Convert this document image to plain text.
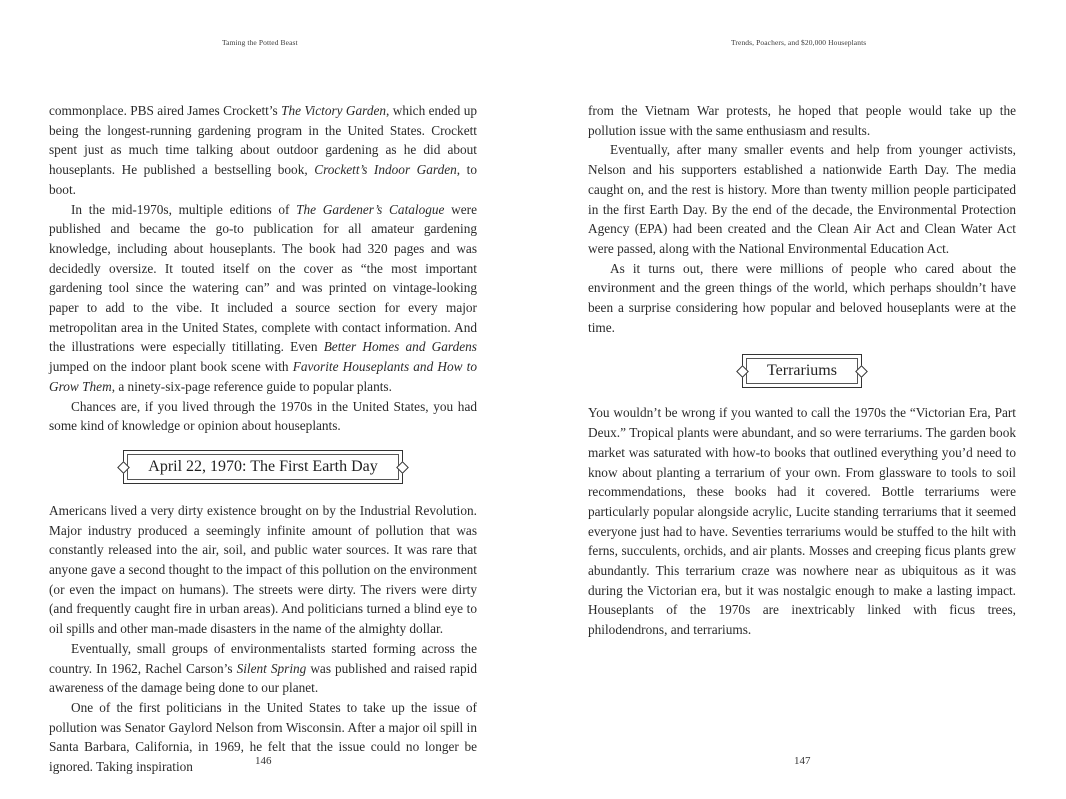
Taming the Potted Beast

commonplace. PBS aired James Crockett’s The Victory Garden, which ended up being the longest-running gardening program in the United States. Crockett spent just as much time talking about outdoor gardening as he did about houseplants. He published a bestselling book, Crockett’s Indoor Garden, to boot.

In the mid-1970s, multiple editions of The Gardener’s Catalogue were published and became the go-to publication for all amateur gardening knowledge, including about houseplants. The book had 320 pages and was decidedly oversize. It touted itself on the cover as “the most important gardening tool since the watering can” and was printed on vintage-looking paper to add to the vibe. It included a source section for every major metropolitan area in the United States, complete with contact information. And the illustrations were especially titillating. Even Better Homes and Gardens jumped on the indoor plant book scene with Favorite Houseplants and How to Grow Them, a ninety-six-page reference guide to popular plants.

Chances are, if you lived through the 1970s in the United States, you had some kind of knowledge or opinion about houseplants.

April 22, 1970: The First Earth Day

Americans lived a very dirty existence brought on by the Industrial Revolution. Major industry produced a seemingly infinite amount of pollution that was constantly released into the air, soil, and public water sources. It was rare that anyone gave a second thought to the impact of this pollution on the environment (or even the impact on humans). The streets were dirty. The rivers were dirty (and frequently caught fire in urban areas). And politicians turned a blind eye to oil spills and other man-made disasters in the name of the almighty dollar.

Eventually, small groups of environmentalists started forming across the country. In 1962, Rachel Carson’s Silent Spring was published and raised rapid awareness of the damage being done to our planet.

One of the first politicians in the United States to take up the issue of pollution was Senator Gaylord Nelson from Wisconsin. After a major oil spill in Santa Barbara, California, in 1969, he felt that the issue could no longer be ignored. Taking inspiration	146
Trends, Poachers, and $20,000 Houseplants

from the Vietnam War protests, he hoped that people would take up the pollution issue with the same enthusiasm and results.

Eventually, after many smaller events and help from younger activists, Nelson and his supporters established a nationwide Earth Day. The media caught on, and the rest is history. More than twenty million people participated in the first Earth Day. By the end of the decade, the Environmental Protection Agency (EPA) had been created and the Clean Air Act and Clean Water Act were passed, along with the National Environmental Education Act.

As it turns out, there were millions of people who cared about the environment and the green things of the world, which perhaps shouldn’t have been a surprise considering how popular and beloved houseplants were at the time.

Terrariums

You wouldn’t be wrong if you wanted to call the 1970s the “Victorian Era, Part Deux.” Tropical plants were abundant, and so were terrariums. The garden book market was saturated with how-to books that outlined everything you’d need to know about planting a terrarium of your own. From glassware to tools to soil recommendations, these books had it covered. Bottle terrariums were particularly popular alongside acrylic, Lucite standing terrariums that it seemed everyone just had to have. Seventies terrariums would be stuffed to the hilt with ferns, succulents, orchids, and air plants. Mosses and creeping ficus plants grew abundantly. This terrarium craze was nowhere near as ubiquitous as it was during the Victorian era, but it was nostalgic enough to make a lasting impact. Houseplants of the 1970s are inextricably linked with ficus trees, philodendrons, and terrariums.

147
